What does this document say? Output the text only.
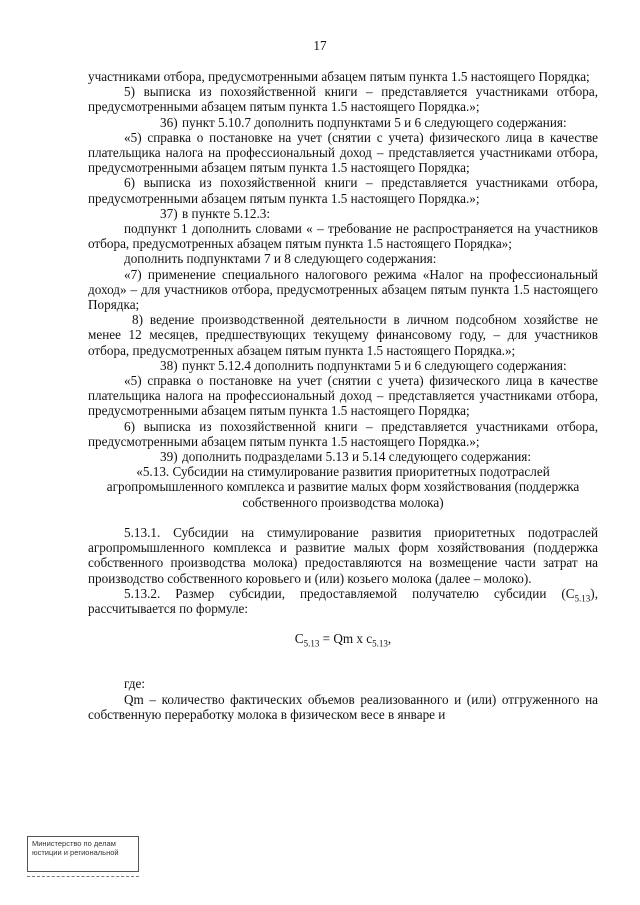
17

участниками отбора, предусмотренными абзацем пятым пункта 1.5 настоящего Порядка;

5) выписка из похозяйственной книги – представляется участниками отбора, предусмотренными абзацем пятым пункта 1.5 настоящего Порядка.»;

36) пункт 5.10.7 дополнить подпунктами 5 и 6 следующего содержания:

«5) справка о постановке на учет (снятии с учета) физического лица в качестве плательщика налога на профессиональный доход – представляется участниками отбора, предусмотренными абзацем пятым пункта 1.5 настоящего Порядка;

6) выписка из похозяйственной книги – представляется участниками отбора, предусмотренными абзацем пятым пункта 1.5 настоящего Порядка.»;

37) в пункте 5.12.3:

подпункт 1 дополнить словами « – требование не распространяется на участников отбора, предусмотренных абзацем пятым пункта 1.5 настоящего Порядка»;

дополнить подпунктами 7 и 8 следующего содержания:

«7) применение специального налогового режима «Налог на профессиональный доход» – для участников отбора, предусмотренных абзацем пятым пункта 1.5 настоящего Порядка;

8) ведение производственной деятельности в личном подсобном хозяйстве не менее 12 месяцев, предшествующих текущему финансовому году, – для участников отбора, предусмотренных абзацем пятым пункта 1.5 настоящего Порядка.»;

38) пункт 5.12.4 дополнить подпунктами 5 и 6 следующего содержания:

«5) справка о постановке на учет (снятии с учета) физического лица в качестве плательщика налога на профессиональный доход – представляется участниками отбора, предусмотренными абзацем пятым пункта 1.5 настоящего Порядка;

6) выписка из похозяйственной книги – представляется участниками отбора, предусмотренными абзацем пятым пункта 1.5 настоящего Порядка.»;

39) дополнить подразделами 5.13 и 5.14 следующего содержания:

«5.13. Субсидии на стимулирование развития приоритетных подотраслей агропромышленного комплекса и развитие малых форм хозяйствования (поддержка собственного производства молока)

5.13.1. Субсидии на стимулирование развития приоритетных подотраслей агропромышленного комплекса и развитие малых форм хозяйствования (поддержка собственного производства молока) предоставляются на возмещение части затрат на производство собственного коровьего и (или) козьего молока (далее – молоко).

5.13.2. Размер субсидии, предоставляемой получателю субсидии $(С_{5.13})$, рассчитывается по формуле:

$С_{5.13} = Qm$ х $с_{5.13}$,

где:

Qm – количество фактических объемов реализованного и (или) отгруженного на собственную переработку молока в физическом весе в январе и

Министерство по делам
юстиции и региональной
